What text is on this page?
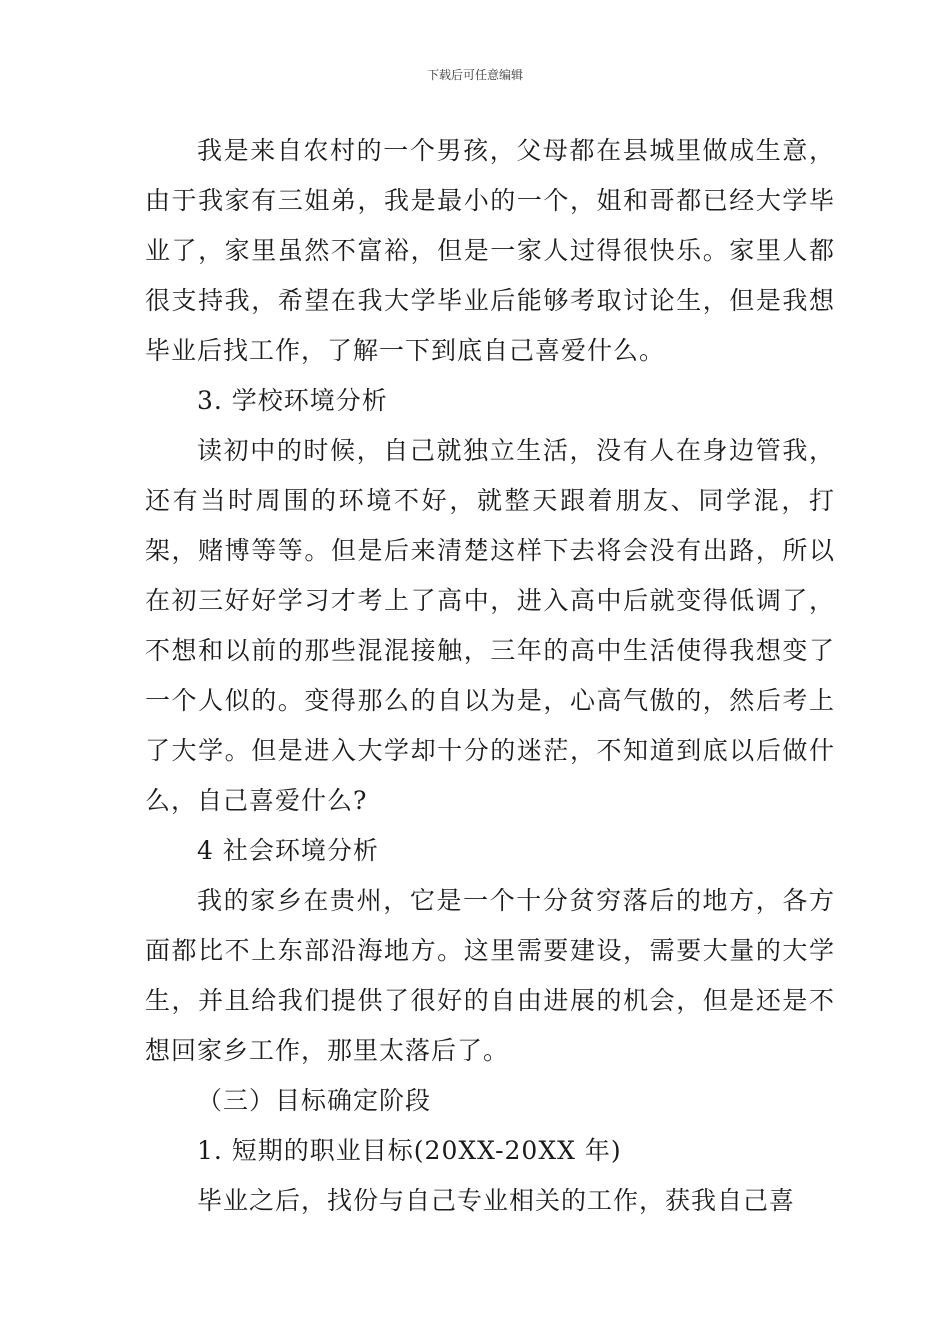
下载后可任意编辑

我是来自农村的一个男孩，父母都在县城里做成生意，由于我家有三姐弟，我是最小的一个，姐和哥都已经大学毕业了，家里虽然不富裕，但是一家人过得很快乐。家里人都很支持我，希望在我大学毕业后能够考取讨论生，但是我想毕业后找工作，了解一下到底自己喜爱什么。

3. 学校环境分析

读初中的时候，自己就独立生活，没有人在身边管我，还有当时周围的环境不好，就整天跟着朋友、同学混，打架，赌博等等。但是后来清楚这样下去将会没有出路，所以在初三好好学习才考上了高中，进入高中后就变得低调了，不想和以前的那些混混接触，三年的高中生活使得我想变了一个人似的。变得那么的自以为是，心高气傲的，然后考上了大学。但是进入大学却十分的迷茫，不知道到底以后做什么，自己喜爱什么?

4 社会环境分析

我的家乡在贵州，它是一个十分贫穷落后的地方，各方面都比不上东部沿海地方。这里需要建设，需要大量的大学生，并且给我们提供了很好的自由进展的机会，但是还是不想回家乡工作，那里太落后了。

（三）目标确定阶段

1. 短期的职业目标(20XX-20XX 年)

毕业之后，找份与自己专业相关的工作，获我自己喜
